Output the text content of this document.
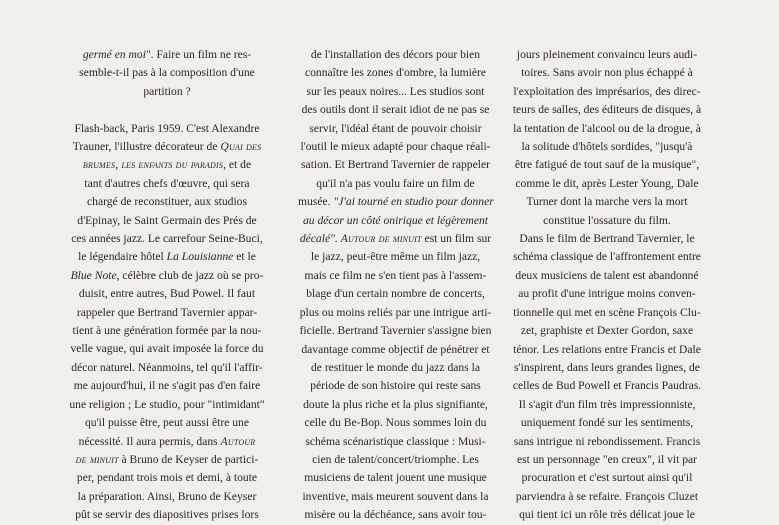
germé en moi". Faire un film ne res-
semble-t-il pas à la composition d'une
partition ?
Flash-back, Paris 1959. C'est Alexandre
Trauner, l'illustre décorateur de Quai des
brumes, les enfants du paradis, et de
tant d'autres chefs d'œuvre, qui sera
chargé de reconstituer, aux studios
d'Epinay, le Saint Germain des Prés de
ces années jazz. Le carrefour Seine-Buci,
le légendaire hôtel La Louisianne et le
Blue Note, célèbre club de jazz où se pro-
duisit, entre autres, Bud Powel. Il faut
rappeler que Bertrand Tavernier appar-
tient à une génération formée par la nou-
velle vague, qui avait imposée la force du
décor naturel. Néanmoins, tel qu'il l'affir-
me aujourd'hui, il ne s'agit pas d'en faire
une religion ; Le studio, pour "intimidant"
qu'il puisse être, peut aussi être une
nécessité. Il aura permis, dans Autour
de minuit à Bruno de Keyser de partici-
per, pendant trois mois et demi, à toute
la préparation. Ainsi, Bruno de Keyser
pût se servir des diapositives prises lors
de l'installation des décors pour bien
connaître les zones d'ombre, la lumière
sur les peaux noires... Les studios sont
des outils dont il serait idiot de ne pas se
servir, l'idéal étant de pouvoir choisir
l'outil le mieux adapté pour chaque réali-
sation. Et Bertrand Tavernier de rappeler
qu'il n'a pas voulu faire un film de
musée. "J'ai tourné en studio pour donner
au décor un côté onirique et légèrement
décalé". Autour de minuit est un film sur
le jazz, peut-être même un film jazz,
mais ce film ne s'en tient pas à l'assem-
blage d'un certain nombre de concerts,
plus ou moins reliés par une intrigue arti-
ficielle. Bertrand Tavernier s'assigne bien
davantage comme objectif de pénétrer et
de restituer le monde du jazz dans la
période de son histoire qui reste sans
doute la plus riche et la plus signifiante,
celle du Be-Bop. Nous sommes loin du
schéma scénaristique classique : Musi-
cien de talent/concert/triomphe. Les
musiciens de talent jouent une musique
inventive, mais meurent souvent dans la
misère ou la déchéance, sans avoir tou-
jours pleinement convaincu leurs audi-
toires. Sans avoir non plus échappé à
l'exploitation des imprésarios, des direc-
teurs de salles, des éditeurs de disques, à
la tentation de l'alcool ou de la drogue, à
la solitude d'hôtels sordides, "jusqu'à
être fatigué de tout sauf de la musique",
comme le dit, après Lester Young, Dale
Turner dont la marche vers la mort
constitue l'ossature du film.
Dans le film de Bertrand Tavernier, le
schéma classique de l'affrontement entre
deux musiciens de talent est abandonné
au profit d'une intrigue moins conven-
tionnelle qui met en scène François Clu-
zet, graphiste et Dexter Gordon, saxe
ténor. Les relations entre Francis et Dale
s'inspirent, dans leurs grandes lignes, de
celles de Bud Powell et Francis Paudras.
Il s'agit d'un film très impressionniste,
uniquement fondé sur les sentiments,
sans intrigue ni rebondissement. Francis
est un personnage "en creux", il vit par
procuration et c'est surtout ainsi qu'il
parviendra à se refaire. François Cluzet
qui tient ici un rôle très délicat joue le
